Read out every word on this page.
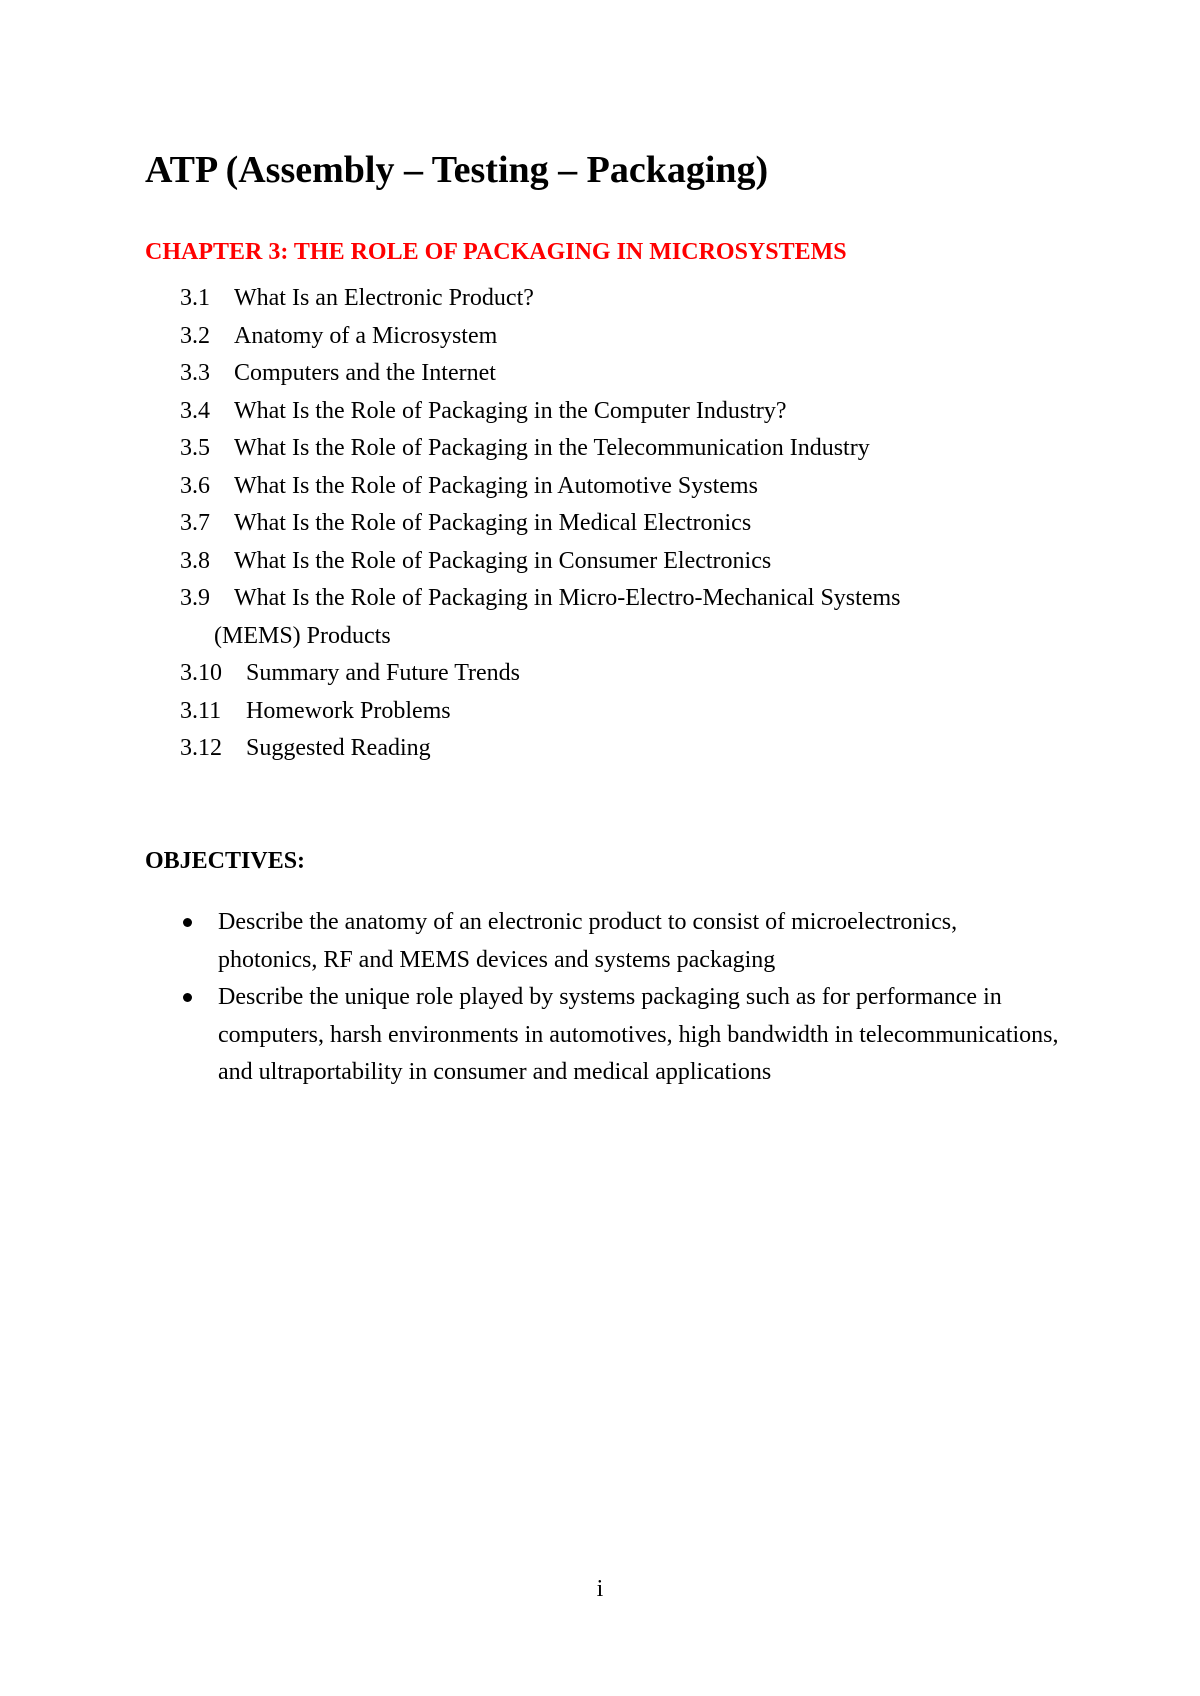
ATP (Assembly – Testing – Packaging)
CHAPTER 3: THE ROLE OF PACKAGING IN MICROSYSTEMS
3.1 What Is an Electronic Product?
3.2 Anatomy of a Microsystem
3.3 Computers and the Internet
3.4 What Is the Role of Packaging in the Computer Industry?
3.5 What Is the Role of Packaging in the Telecommunication Industry
3.6 What Is the Role of Packaging in Automotive Systems
3.7 What Is the Role of Packaging in Medical Electronics
3.8 What Is the Role of Packaging in Consumer Electronics
3.9 What Is the Role of Packaging in Micro-Electro-Mechanical Systems
(MEMS) Products
3.10 Summary and Future Trends
3.11 Homework Problems
3.12 Suggested Reading
OBJECTIVES:
Describe the anatomy of an electronic product to consist of microelectronics, photonics, RF and MEMS devices and systems packaging
Describe the unique role played by systems packaging such as for performance in computers, harsh environments in automotives, high bandwidth in telecommunications, and ultraportability in consumer and medical applications
i
